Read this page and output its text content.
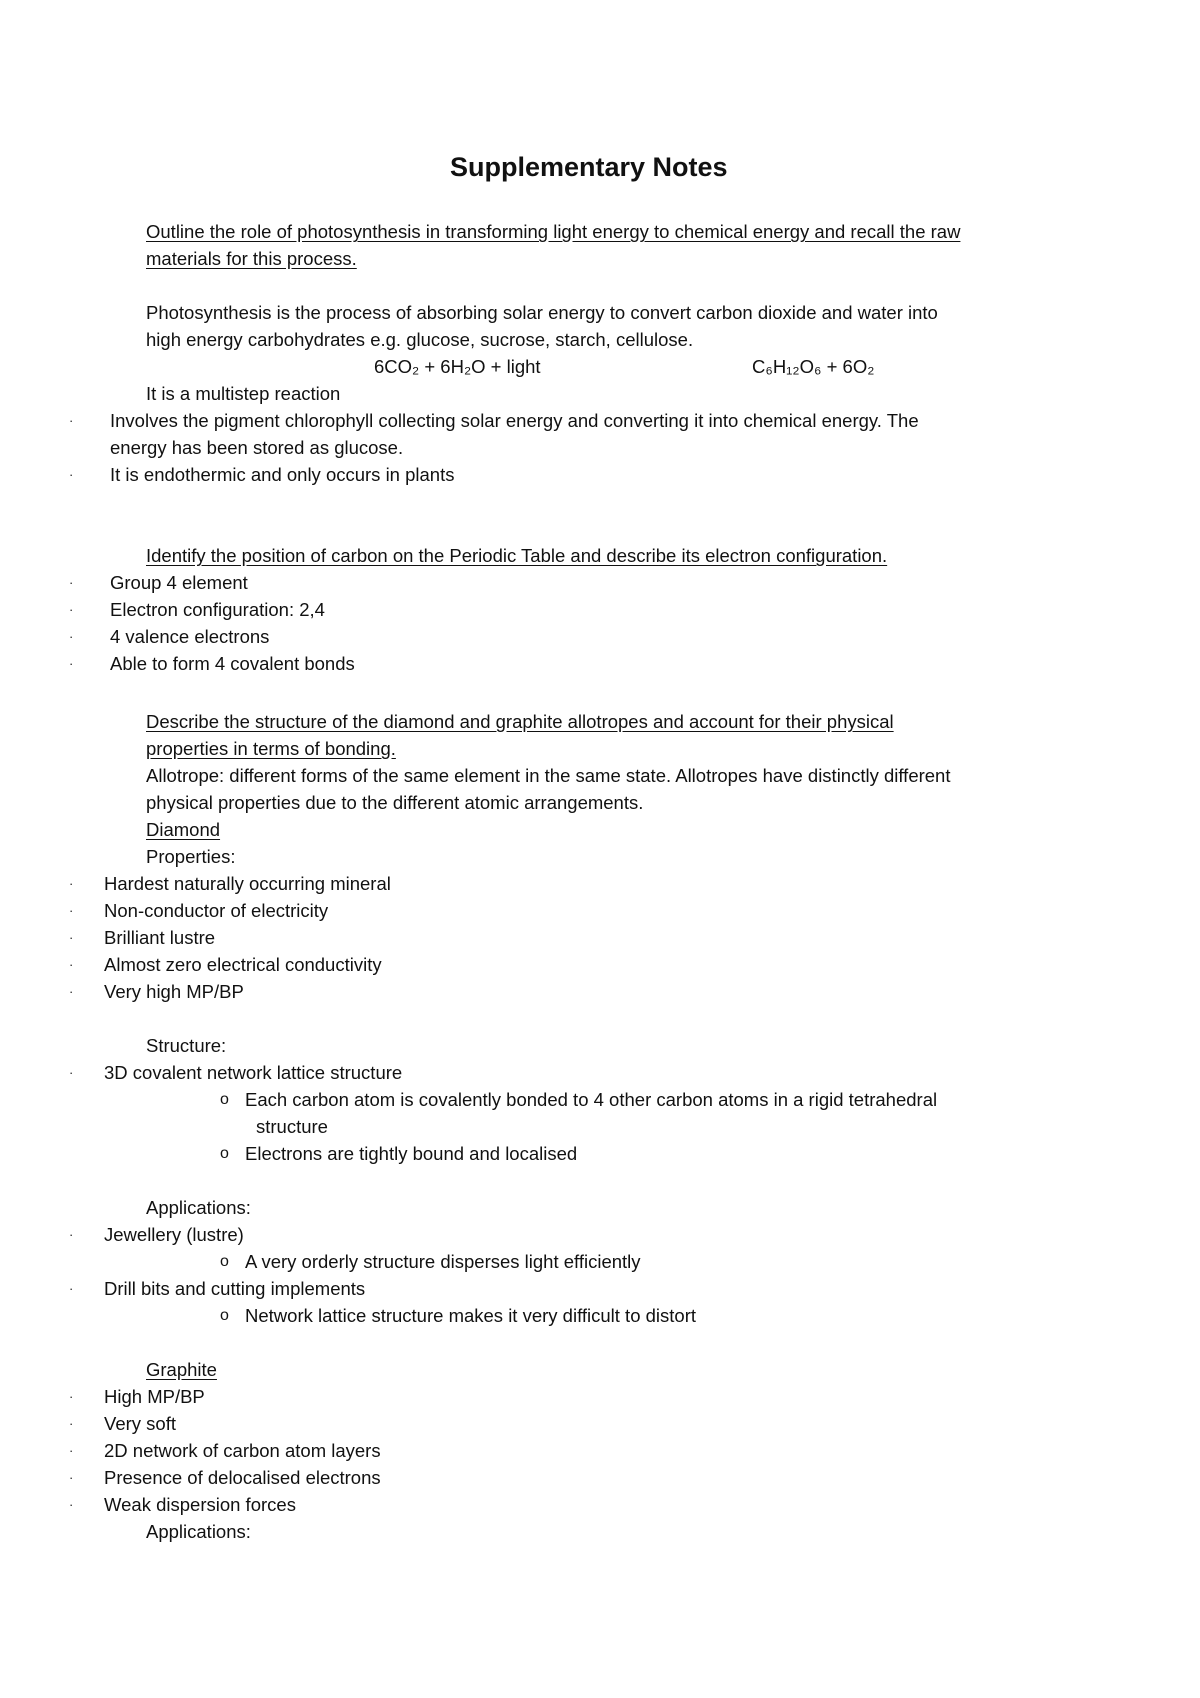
Supplementary Notes

Outline the role of photosynthesis in transforming light energy to chemical energy and recall the raw

materials for this process.

Photosynthesis is the process of absorbing solar energy to convert carbon dioxide and water into

high energy carbohydrates e.g. glucose, sucrose, starch, cellulose.

6CO₂ + 6H₂O + light	C₆H₁₂O₆ + 6O₂

It is a multistep reaction

· Involves the pigment chlorophyll collecting solar energy and converting it into chemical energy. The

energy has been stored as glucose.

· It is endothermic and only occurs in plants

Identify the position of carbon on the Periodic Table and describe its electron configuration.

· Group 4 element

· Electron configuration: 2,4

· 4 valence electrons

· Able to form 4 covalent bonds

Describe the structure of the diamond and graphite allotropes and account for their physical

properties in terms of bonding.

Allotrope: different forms of the same element in the same state. Allotropes have distinctly different

physical properties due to the different atomic arrangements.

Diamond

Properties:

· Hardest naturally occurring mineral

· Non-conductor of electricity

· Brilliant lustre

· Almost zero electrical conductivity

· Very high MP/BP

Structure:

· 3D covalent network lattice structure

o Each carbon atom is covalently bonded to 4 other carbon atoms in a rigid tetrahedral

structure

o Electrons are tightly bound and localised

Applications:

· Jewellery (lustre)

o A very orderly structure disperses light efficiently

· Drill bits and cutting implements

o Network lattice structure makes it very difficult to distort

Graphite

· High MP/BP

· Very soft

· 2D network of carbon atom layers

· Presence of delocalised electrons

· Weak dispersion forces

Applications:
